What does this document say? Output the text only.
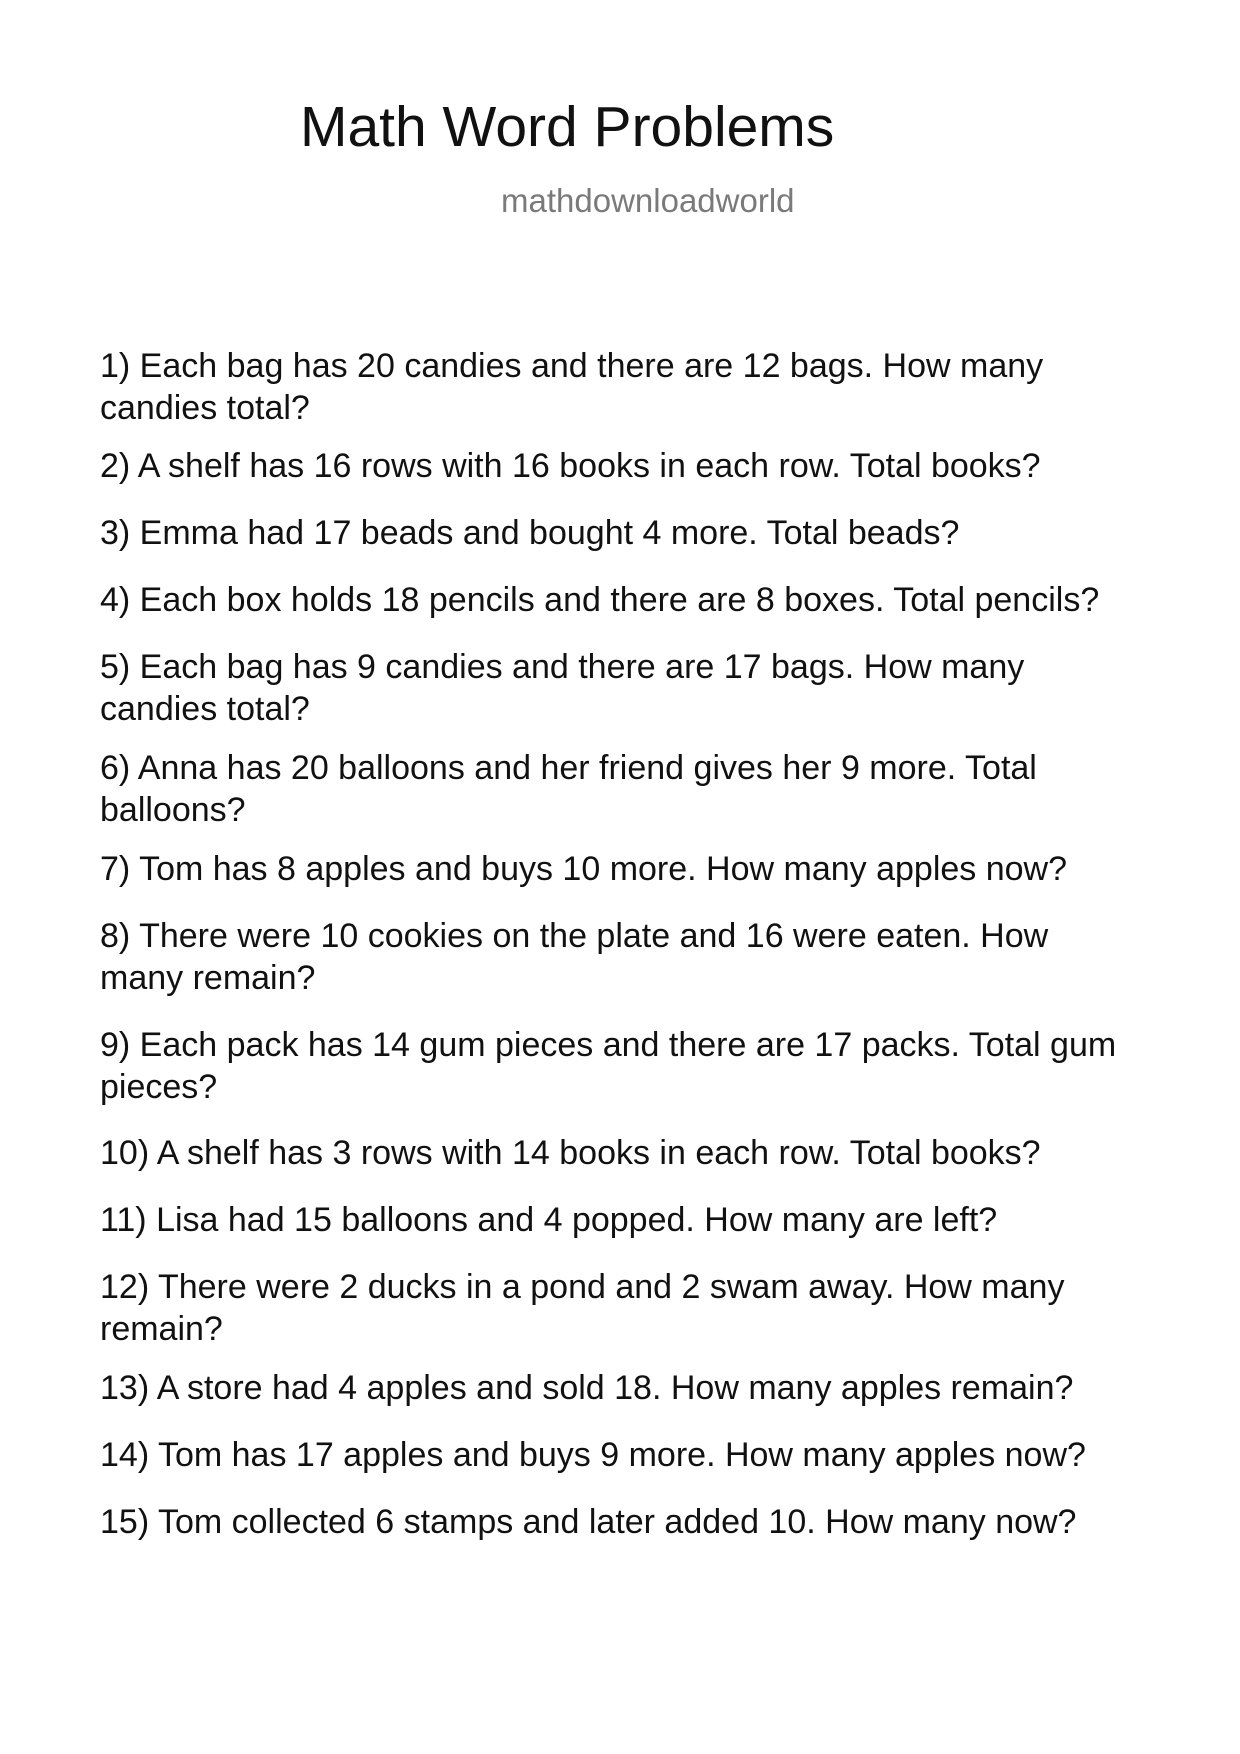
Math Word Problems
mathdownloadworld
1) Each bag has 20 candies and there are 12 bags. How many candies total?
2) A shelf has 16 rows with 16 books in each row. Total books?
3) Emma had 17 beads and bought 4 more. Total beads?
4) Each box holds 18 pencils and there are 8 boxes. Total pencils?
5) Each bag has 9 candies and there are 17 bags. How many candies total?
6) Anna has 20 balloons and her friend gives her 9 more. Total balloons?
7) Tom has 8 apples and buys 10 more. How many apples now?
8) There were 10 cookies on the plate and 16 were eaten. How many remain?
9) Each pack has 14 gum pieces and there are 17 packs. Total gum pieces?
10) A shelf has 3 rows with 14 books in each row. Total books?
11) Lisa had 15 balloons and 4 popped. How many are left?
12) There were 2 ducks in a pond and 2 swam away. How many remain?
13) A store had 4 apples and sold 18. How many apples remain?
14) Tom has 17 apples and buys 9 more. How many apples now?
15) Tom collected 6 stamps and later added 10. How many now?
